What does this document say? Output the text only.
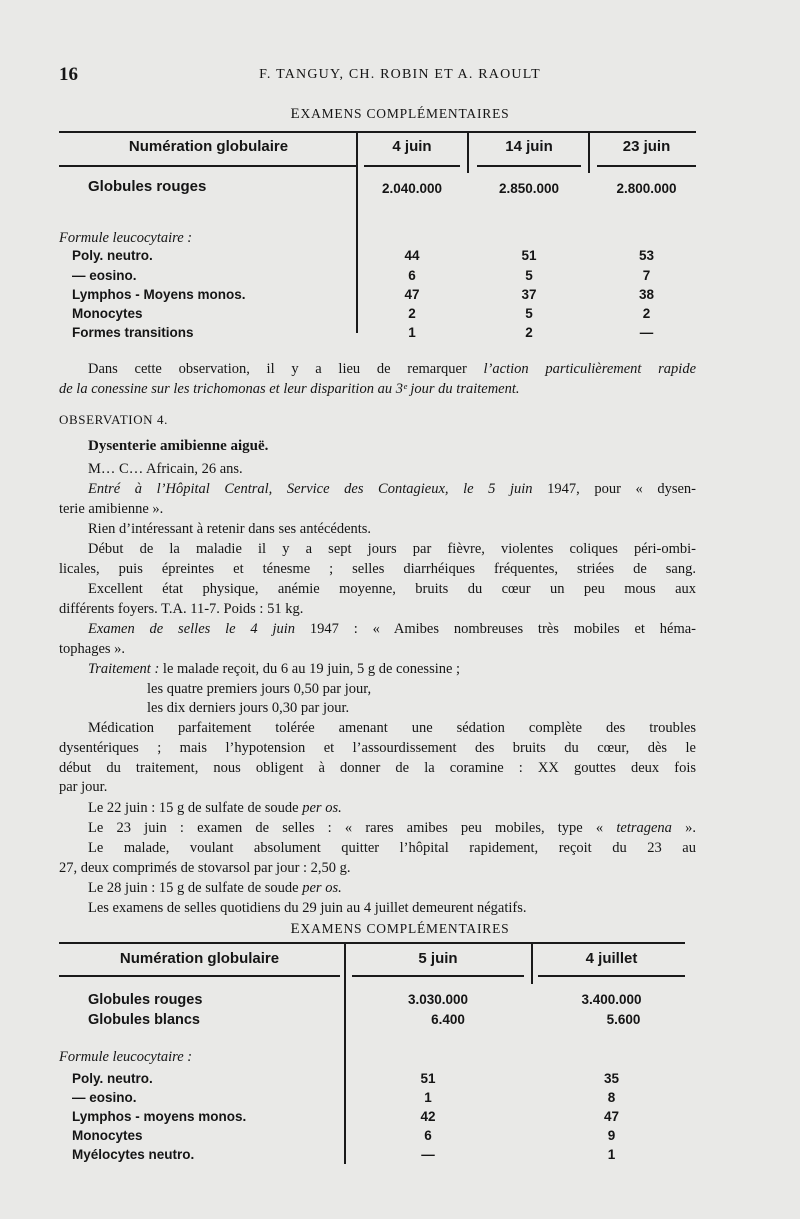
16	F. TANGUY, CH. ROBIN ET A. RAOULT
EXAMENS COMPLÉMENTAIRES
Numération globulaire	4 juin	14 juin	23 juin
Globules rouges	2.040.000	2.850.000	2.800.000
Formule leucocytaire :
Poly. neutro.	44	51	53
— eosino.	6	5	7
Lymphos - Moyens monos.	47	37	38
Monocytes	2	5	2
Formes transitions	1	2	—
Dans cette observation, il y a lieu de remarquer l’action particulièrement rapide
de la conessine sur les trichomonas et leur disparition au 3ᵉ jour du traitement.
OBSERVATION 4.
Dysenterie amibienne aiguë.
M… C… Africain, 26 ans.
Entré à l’Hôpital Central, Service des Contagieux, le 5 juin 1947, pour « dysen-
terie amibienne ».
Rien d’intéressant à retenir dans ses antécédents.
Début de la maladie il y a sept jours par fièvre, violentes coliques péri-ombi-
licales, puis épreintes et ténesme ; selles diarrhéiques fréquentes, striées de sang.
Excellent état physique, anémie moyenne, bruits du cœur un peu mous aux
différents foyers. T.A. 11-7. Poids : 51 kg.
Examen de selles le 4 juin 1947 : « Amibes nombreuses très mobiles et héma-
tophages ».
Traitement : le malade reçoit, du 6 au 19 juin, 5 g de conessine ;
les quatre premiers jours 0,50 par jour,
les dix derniers jours 0,30 par jour.
Médication parfaitement tolérée amenant une sédation complète des troubles
dysentériques ; mais l’hypotension et l’assourdissement des bruits du cœur, dès le
début du traitement, nous obligent à donner de la coramine : XX gouttes deux fois
par jour.
Le 22 juin : 15 g de sulfate de soude per os.
Le 23 juin : examen de selles : « rares amibes peu mobiles, type « tetragena ».
Le malade, voulant absolument quitter l’hôpital rapidement, reçoit du 23 au
27, deux comprimés de stovarsol par jour : 2,50 g.
Le 28 juin : 15 g de sulfate de soude per os.
Les examens de selles quotidiens du 29 juin au 4 juillet demeurent négatifs.
EXAMENS COMPLÉMENTAIRES
Numération globulaire	5 juin	4 juillet
Globules rouges	3.030.000	3.400.000
Globules blancs	6.400	5.600
Formule leucocytaire :
Poly. neutro.	51	35
— eosino.	1	8
Lymphos - moyens monos.	42	47
Monocytes	6	9
Myélocytes neutro.	—	1
